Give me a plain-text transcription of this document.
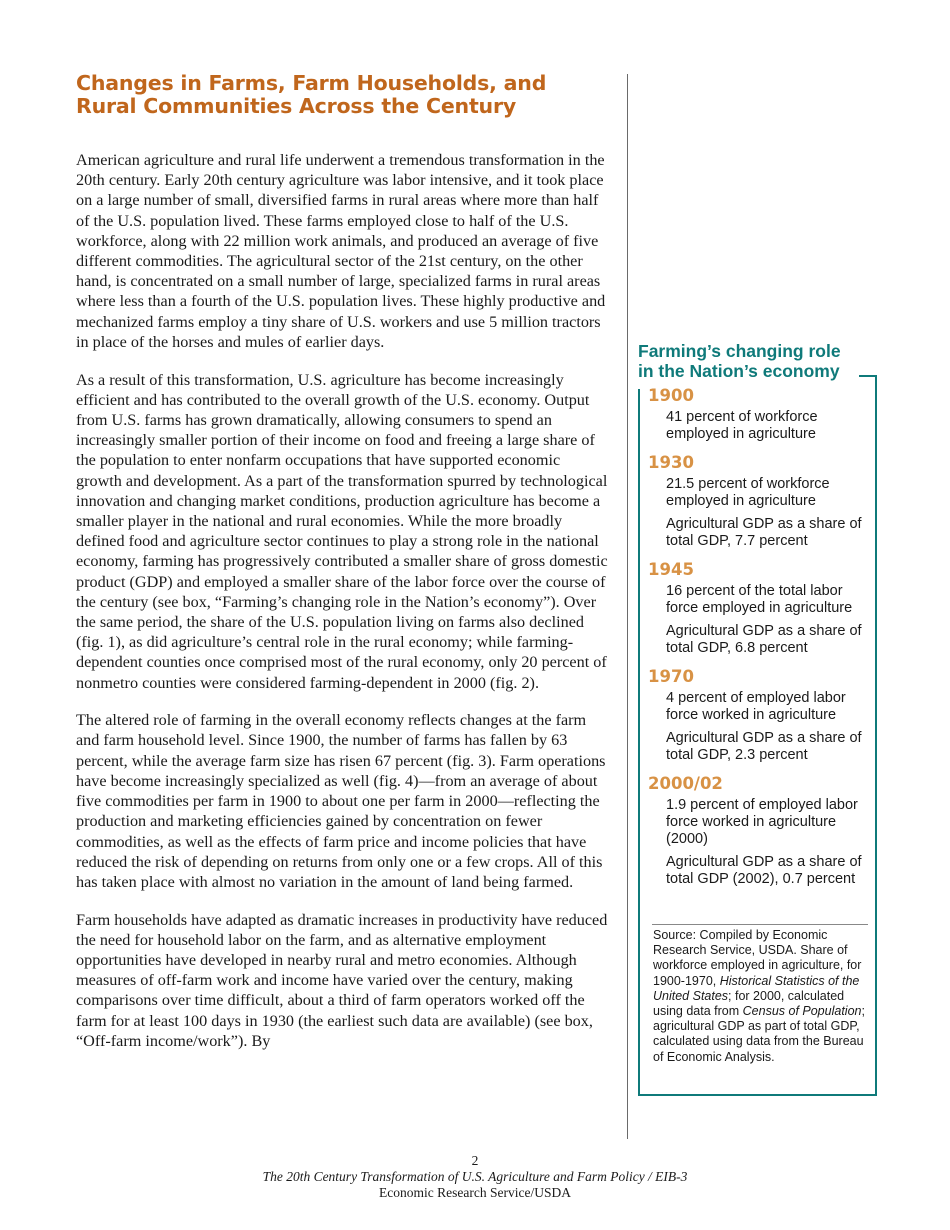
Changes in Farms, Farm Households, and
Rural Communities Across the Century

American agriculture and rural life underwent a tremendous transformation in the 20th century. Early 20th century agriculture was labor intensive, and it took place on a large number of small, diversified farms in rural areas where more than half of the U.S. population lived. These farms employed close to half of the U.S. workforce, along with 22 million work animals, and produced an average of five different commodities. The agricultural sector of the 21st century, on the other hand, is concentrated on a small number of large, specialized farms in rural areas where less than a fourth of the U.S. population lives. These highly productive and mechanized farms employ a tiny share of U.S. workers and use 5 million tractors in place of the horses and mules of earlier days.

As a result of this transformation, U.S. agriculture has become increasingly efficient and has contributed to the overall growth of the U.S. economy. Output from U.S. farms has grown dramatically, allowing consumers to spend an increasingly smaller portion of their income on food and freeing a large share of the population to enter nonfarm occupations that have supported economic growth and development. As a part of the transformation spurred by technological innovation and changing market conditions, production agriculture has become a smaller player in the national and rural economies. While the more broadly defined food and agriculture sector continues to play a strong role in the national economy, farming has progressively contributed a smaller share of gross domestic product (GDP) and employed a smaller share of the labor force over the course of the century (see box, “Farming’s changing role in the Nation’s economy”). Over the same period, the share of the U.S. population living on farms also declined (fig. 1), as did agriculture’s central role in the rural economy; while farming-dependent counties once comprised most of the rural economy, only 20 percent of nonmetro counties were considered farming-dependent in 2000 (fig. 2).

The altered role of farming in the overall economy reflects changes at the farm and farm household level. Since 1900, the number of farms has fallen by 63 percent, while the average farm size has risen 67 percent (fig. 3). Farm operations have become increasingly specialized as well (fig. 4)—from an average of about five commodities per farm in 1900 to about one per farm in 2000—reflecting the production and marketing efficiencies gained by concentration on fewer commodities, as well as the effects of farm price and income policies that have reduced the risk of depending on returns from only one or a few crops. All of this has taken place with almost no variation in the amount of land being farmed.

Farm households have adapted as dramatic increases in productivity have reduced the need for household labor on the farm, and as alternative employment opportunities have developed in nearby rural and metro economies. Although measures of off-farm work and income have varied over the century, making comparisons over time difficult, about a third of farm operators worked off the farm for at least 100 days in 1930 (the earliest such data are available) (see box, “Off-farm income/work”). By

Farming’s changing role
in the Nation’s economy
1900
41 percent of workforce employed in agriculture
1930
21.5 percent of workforce employed in agriculture
Agricultural GDP as a share of total GDP, 7.7 percent
1945
16 percent of the total labor force employed in agriculture
Agricultural GDP as a share of total GDP, 6.8 percent
1970
4 percent of employed labor force worked in agriculture
Agricultural GDP as a share of total GDP, 2.3 percent
2000/02
1.9 percent of employed labor force worked in agriculture (2000)
Agricultural GDP as a share of total GDP (2002), 0.7 percent
Source: Compiled by Economic Research Service, USDA. Share of workforce employed in agriculture, for 1900-1970, Historical Statistics of the United States; for 2000, calculated using data from Census of Population; agricultural GDP as part of total GDP, calculated using data from the Bureau of Economic Analysis.
2
The 20th Century Transformation of U.S. Agriculture and Farm Policy / EIB-3
Economic Research Service/USDA
